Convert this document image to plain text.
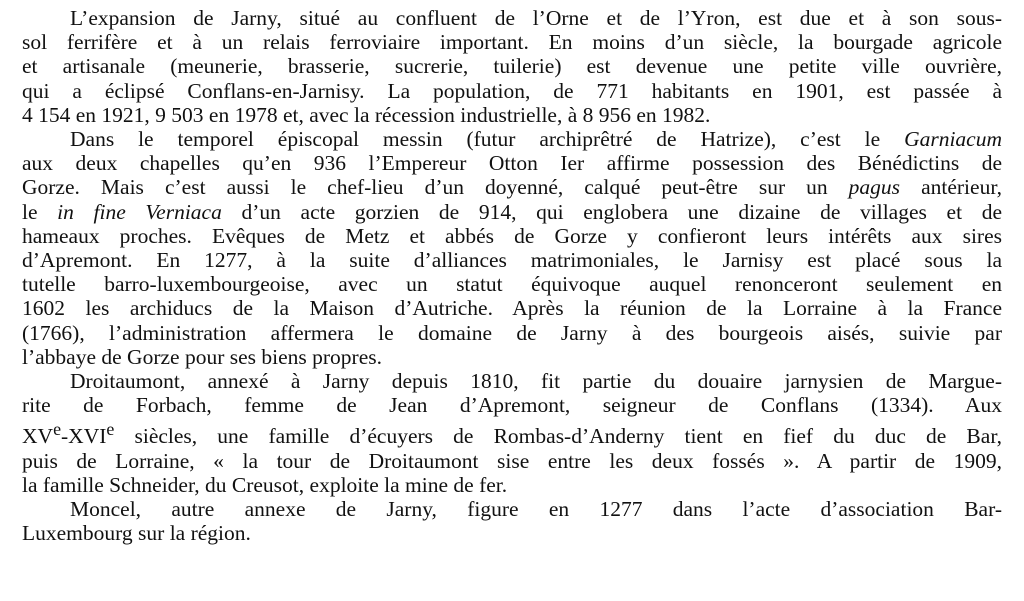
L’expansion de Jarny, situé au confluent de l’Orne et de l’Yron, est due et à son sous-
sol ferrifère et à un relais ferroviaire important. En moins d’un siècle, la bourgade agricole
et artisanale (meunerie, brasserie, sucrerie, tuilerie) est devenue une petite ville ouvrière,
qui a éclipsé Conflans-en-Jarnisy. La population, de 771 habitants en 1901, est passée à
4 154 en 1921, 9 503 en 1978 et, avec la récession industrielle, à 8 956 en 1982.
Dans le temporel épiscopal messin (futur archiprêtré de Hatrize), c’est le Garniacum
aux deux chapelles qu’en 936 l’Empereur Otton Ier affirme possession des Bénédictins de
Gorze. Mais c’est aussi le chef-lieu d’un doyenné, calqué peut-être sur un pagus antérieur,
le in fine Verniaca d’un acte gorzien de 914, qui englobera une dizaine de villages et de
hameaux proches. Evêques de Metz et abbés de Gorze y confieront leurs intérêts aux sires
d’Apremont. En 1277, à la suite d’alliances matrimoniales, le Jarnisy est placé sous la
tutelle barro-luxembourgeoise, avec un statut équivoque auquel renonceront seulement en
1602 les archiducs de la Maison d’Autriche. Après la réunion de la Lorraine à la France
(1766), l’administration affermera le domaine de Jarny à des bourgeois aisés, suivie par
l’abbaye de Gorze pour ses biens propres.
Droitaumont, annexé à Jarny depuis 1810, fit partie du douaire jarnysien de Margue-
rite de Forbach, femme de Jean d’Apremont, seigneur de Conflans (1334). Aux
XVe-XVIe siècles, une famille d’écuyers de Rombas-d’Anderny tient en fief du duc de Bar,
puis de Lorraine, « la tour de Droitaumont sise entre les deux fossés ». A partir de 1909,
la famille Schneider, du Creusot, exploite la mine de fer.
Moncel, autre annexe de Jarny, figure en 1277 dans l’acte d’association Bar-
Luxembourg sur la région.
